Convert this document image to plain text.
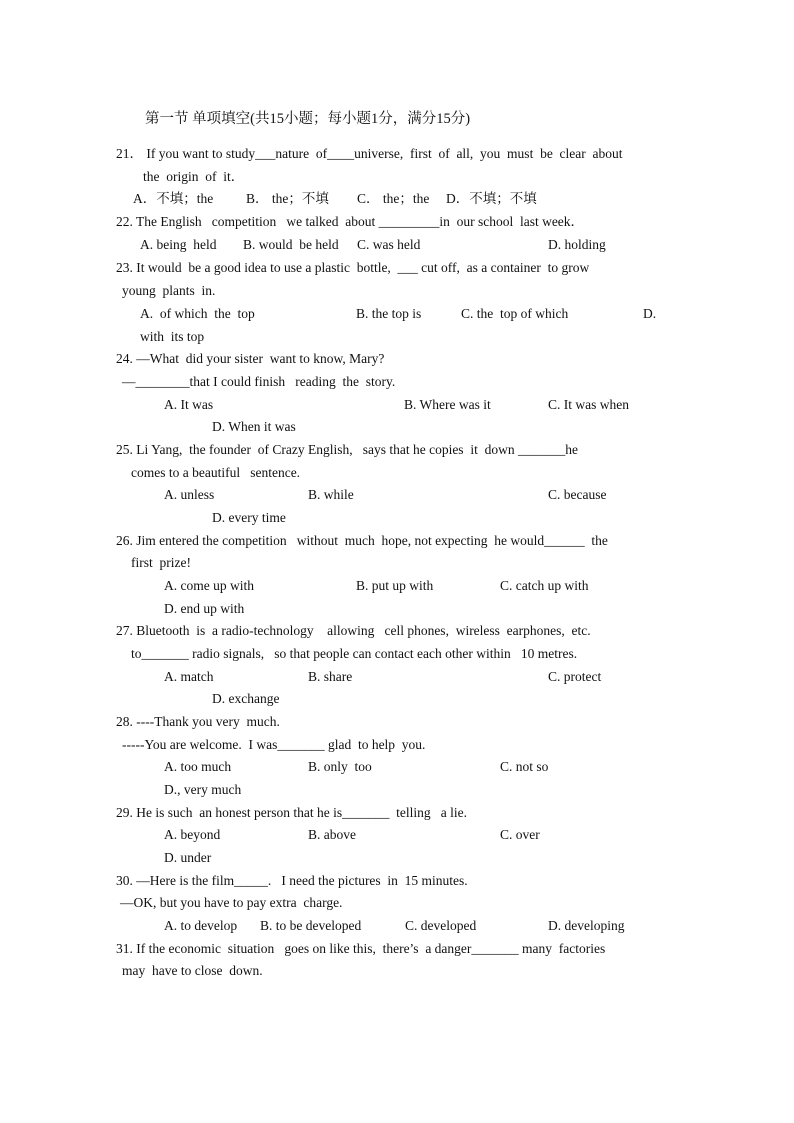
第一节 单项填空(共15小题；每小题1分，满分15分)
21． If you want to study___nature  of____universe,  first  of  all,  you  must  be  clear  about
the  origin  of  it．
A．不填；the B． the；不填 C． the；the D．不填；不填
22. The English   competition   we talked  about _________in  our school  last week．
A. being  held B. would  be held C. was held	D. holding
23. It would  be a good idea to use a plastic  bottle,  ___ cut off,  as a container  to grow
young  plants  in.
A.  of which  the  top	B. the top is	C. the  top of which	D.
with  its top
24. —What  did your sister  want to know, Mary?
—________that I could finish   reading  the  story.
A. It was	B. Where was it	C. It was when
D. When it was
25. Li Yang,  the founder  of Crazy English,   says that he copies  it  down _______he
comes to a beautiful   sentence.
A. unless	B. while	C. because
D. every time
26. Jim entered the competition   without  much  hope, not expecting  he would______  the
first  prize!
A. come up with	B. put up with	C. catch up with
D. end up with
27. Bluetooth  is  a radio-technology    allowing   cell phones,  wireless  earphones,  etc.
to_______ radio signals,   so that people can contact each other within   10 metres.
A. match	B. share	C. protect
D. exchange
28. ----Thank you very  much.
-----You are welcome.  I was_______ glad  to help  you.
A. too much	B. only  too	C. not so
D., very much
29. He is such  an honest person that he is_______  telling   a lie.
A. beyond	B. above	C. over
D. under
30. —Here is the film_____.   I need the pictures  in  15 minutes.
—OK, but you have to pay extra  charge.
A. to develop B. to be developed	C. developed	D. developing
31. If the economic  situation   goes on like this,  there’s  a danger_______ many  factories
may  have to close  down.
